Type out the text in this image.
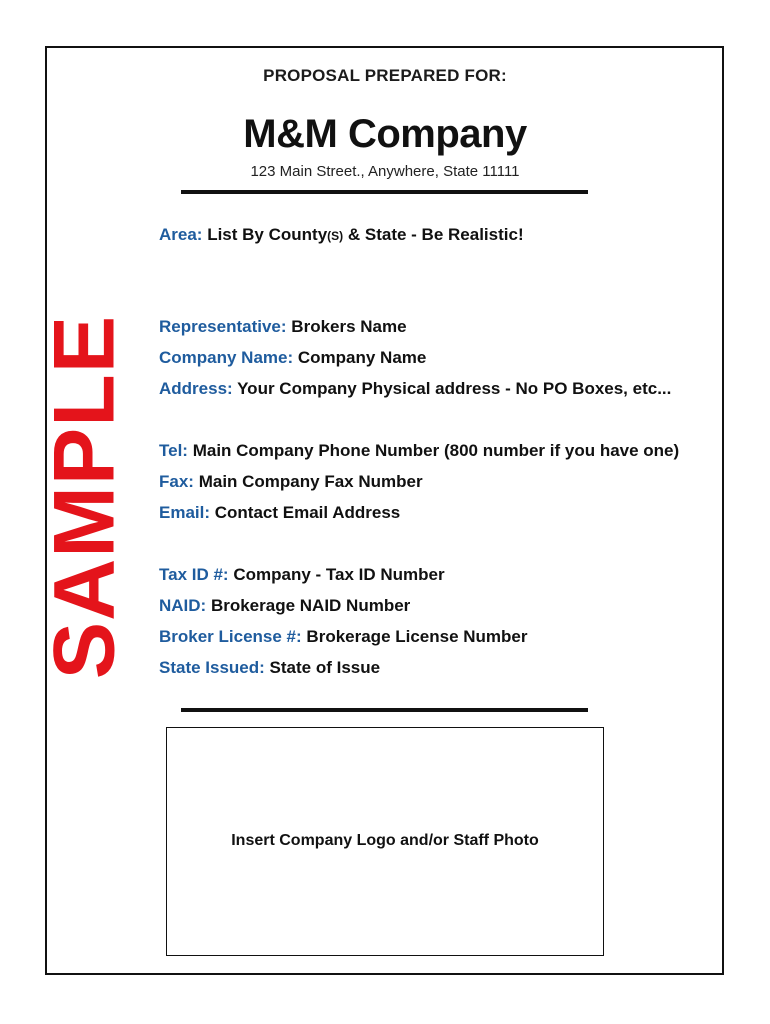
PROPOSAL PREPARED FOR:
M&M Company
123 Main Street., Anywhere, State 11111
Area: List By County(S) & State - Be Realistic!
Representative: Brokers Name
Company Name: Company Name
Address: Your Company Physical address - No PO Boxes, etc...
Tel: Main Company Phone Number (800 number if you have one)
Fax: Main Company Fax Number
Email: Contact Email Address
Tax ID #: Company - Tax ID Number
NAID: Brokerage NAID Number
Broker License #: Brokerage License Number
State Issued: State of Issue
SAMPLE
Insert Company Logo and/or Staff Photo
